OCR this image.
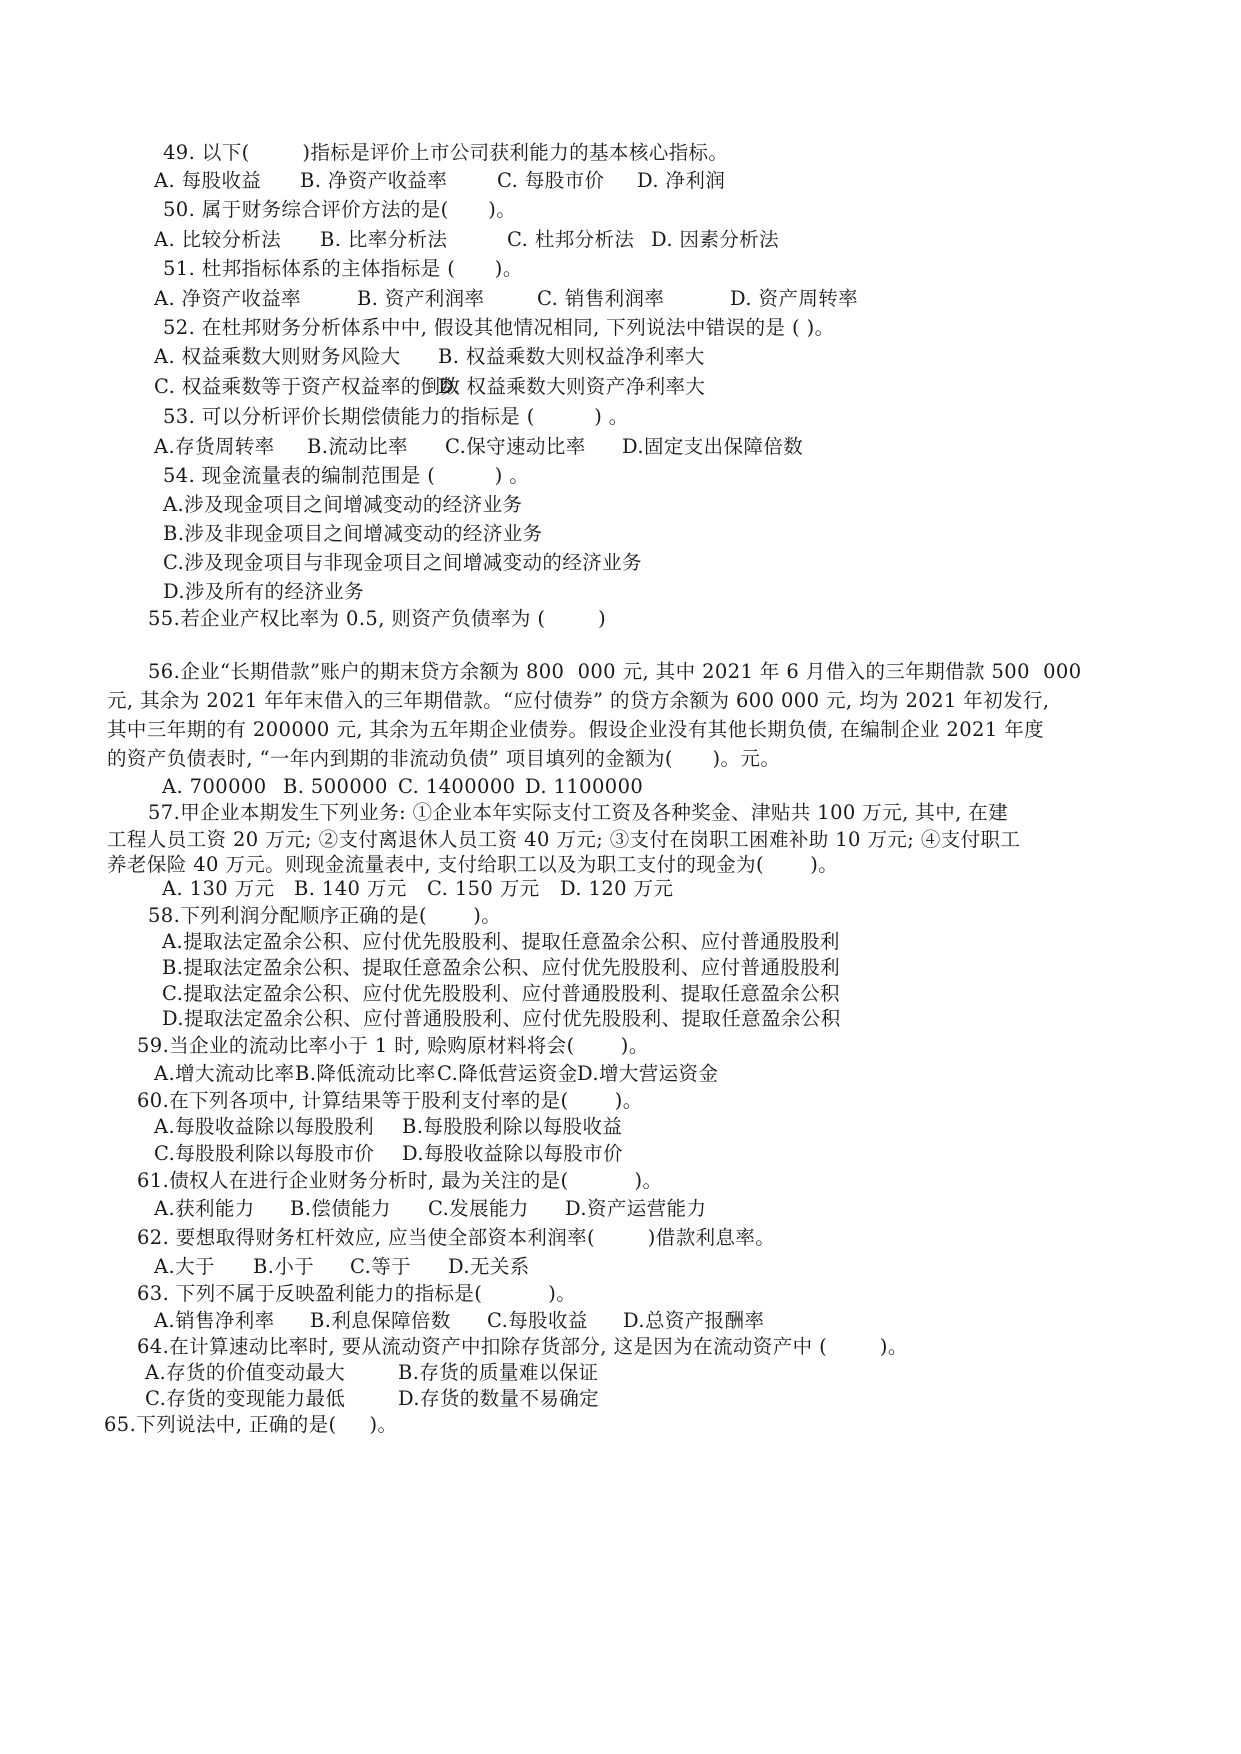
49. 以下(        )指标是评价上市公司获利能力的基本核心指标。
A. 每股收益 B. 净资产收益率	C. 每股市价 D. 净利润
50. 属于财务综合评价方法的是(      )。
A. 比较分析法 B. 比率分析法	C. 杜邦分析法 D. 因素分析法
51. 杜邦指标体系的主体指标是 (      )。
A. 净资产收益率	B. 资产利润率	C. 销售利润率	D. 资产周转率
52. 在杜邦财务分析体系中中, 假设其他情况相同, 下列说法中错误的是 ( )。
A. 权益乘数大则财务风险大 B. 权益乘数大则权益净利率大
C. 权益乘数等于资产权益率的倒数
D. 权益乘数大则资产净利率大
53. 可以分析评价长期偿债能力的指标是 (         ) 。
A.存货周转率 B.流动比率 C.保守速动比率 D.固定支出保障倍数
54. 现金流量表的编制范围是 (         ) 。
A.涉及现金项目之间增减变动的经济业务
B.涉及非现金项目之间增减变动的经济业务
C.涉及现金项目与非现金项目之间增减变动的经济业务
D.涉及所有的经济业务
55.若企业产权比率为 0.5, 则资产负债率为 (        )
56.企业“长期借款”账户的期末贷方余额为 800  000 元, 其中 2021 年 6 月借入的三年期借款 500  000
元, 其余为 2021 年年末借入的三年期借款。“应付债券” 的贷方余额为 600 000 元, 均为 2021 年初发行,
其中三年期的有 200000 元, 其余为五年期企业债券。假设企业没有其他长期负债, 在编制企业 2021 年度
的资产负债表时, “一年内到期的非流动负债” 项目填列的金额为(      )。元。
A. 700000 B. 500000 C. 1400000 D. 1100000
57.甲企业本期发生下列业务: ①企业本年实际支付工资及各种奖金、津贴共 100 万元, 其中, 在建
工程人员工资 20 万元; ②支付离退休人员工资 40 万元; ③支付在岗职工困难补助 10 万元; ④支付职工
养老保险 40 万元。则现金流量表中, 支付给职工以及为职工支付的现金为(       )。
A. 130 万元 B. 140 万元 C. 150 万元 D. 120 万元
58.下列利润分配顺序正确的是(       )。
A.提取法定盈余公积、应付优先股股利、提取任意盈余公积、应付普通股股利
B.提取法定盈余公积、提取任意盈余公积、应付优先股股利、应付普通股股利
C.提取法定盈余公积、应付优先股股利、应付普通股股利、提取任意盈余公积
D.提取法定盈余公积、应付普通股股利、应付优先股股利、提取任意盈余公积
59.当企业的流动比率小于 1 时, 赊购原材料将会(       )。
A.增大流动比率 B.降低流动比率 C.降低营运资金 D.增大营运资金
60.在下列各项中, 计算结果等于股利支付率的是(       )。
A.每股收益除以每股股利 B.每股股利除以每股收益
C.每股股利除以每股市价 D.每股收益除以每股市价
61.债权人在进行企业财务分析时, 最为关注的是(          )。
A.获利能力 B.偿债能力 C.发展能力 D.资产运营能力
62. 要想取得财务杠杆效应, 应当使全部资本利润率(        )借款利息率。
A.大于 B.小于 C.等于 D.无关系
63. 下列不属于反映盈利能力的指标是(          )。
A.销售净利率 B.利息保障倍数 C.每股收益 D.总资产报酬率
64.在计算速动比率时, 要从流动资产中扣除存货部分, 这是因为在流动资产中 (        )。
A.存货的价值变动最大	B.存货的质量难以保证
C.存货的变现能力最低	D.存货的数量不易确定
65.下列说法中, 正确的是(     )。
